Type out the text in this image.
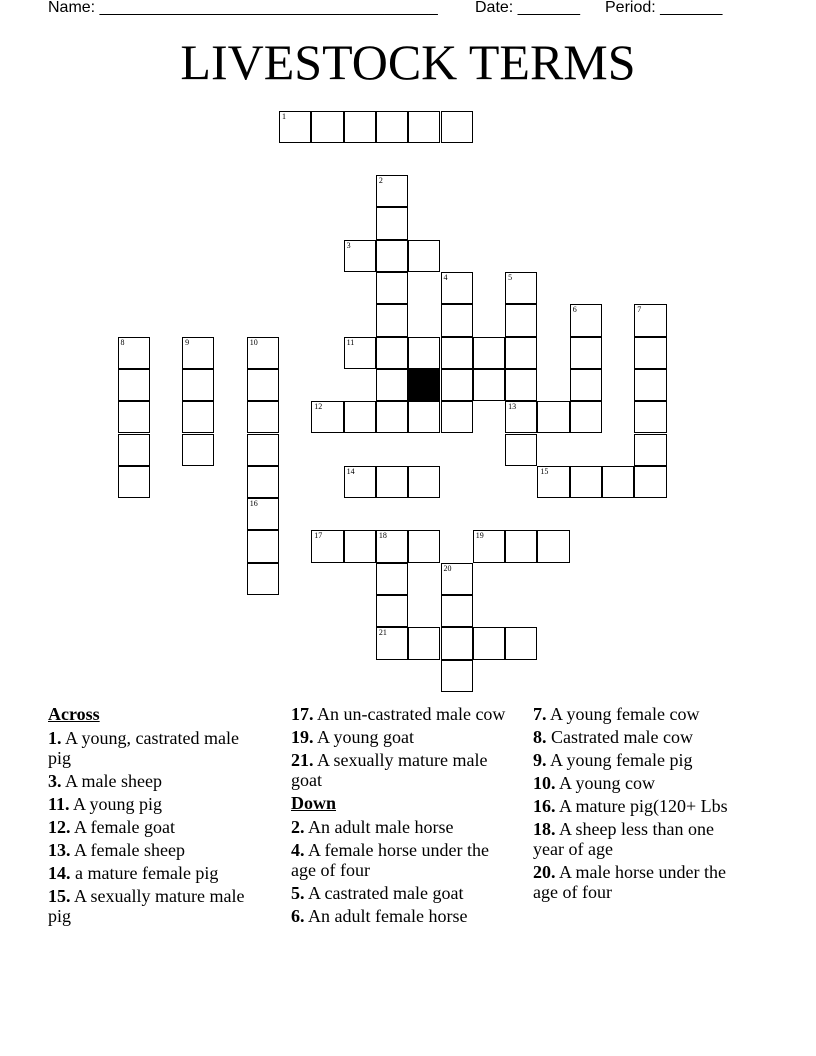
Name: ______________________________________ Date: _______ Period: _______
LIVESTOCK TERMS
1
2
3
4	5
13
6	7
8	9	10	11
12
14	15
16
17	18
21
19
20
Across
1. A young, castrated male pig
3. A male sheep
11. A young pig
12. A female goat
13. A female sheep
14. a mature female pig
15. A sexually mature male pig
17. An un-castrated male cow
19. A young goat
21. A sexually mature male goat
Down
2. An adult male horse
4. A female horse under the age of four
5. A castrated male goat
6. An adult female horse
7. A young female cow
8. Castrated male cow
9. A young female pig
10. A young cow
16. A mature pig(120+ Lbs
18. A sheep less than one year of age
20. A male horse under the age of four
